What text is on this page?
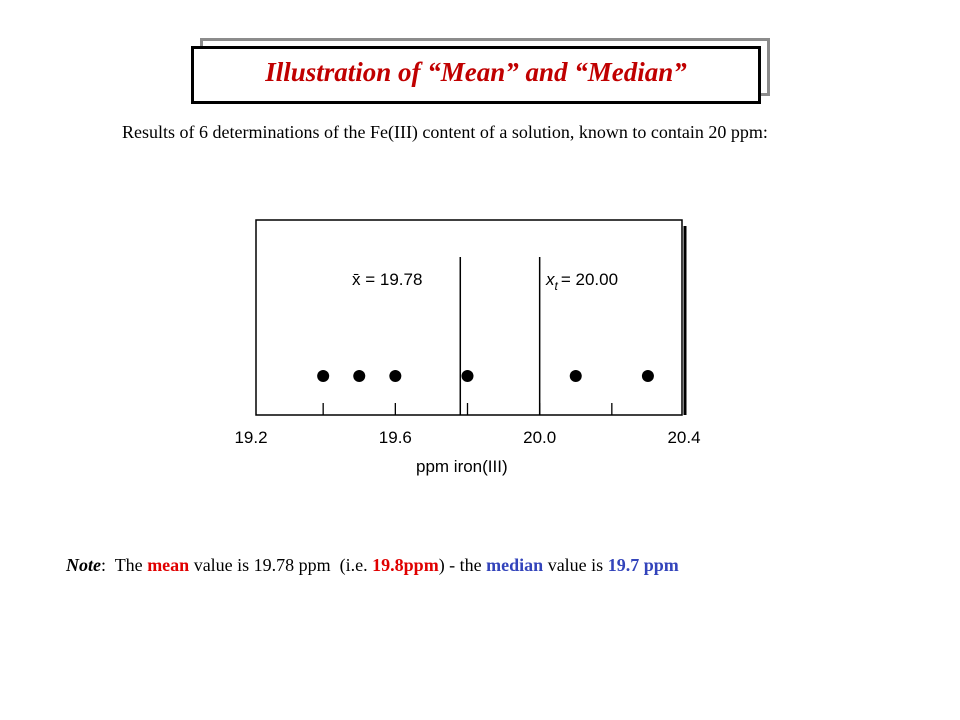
Illustration of “Mean” and “Median”
Results of 6 determinations of the Fe(III) content of a solution, known to contain 20 ppm:
x̄ = 19.78	$x_t = 20.00$
19.2	19.6	20.0	20.4
ppm iron(III)
Note:  The mean value is 19.78 ppm  (i.e. 19.8ppm) - the median value is 19.7 ppm
